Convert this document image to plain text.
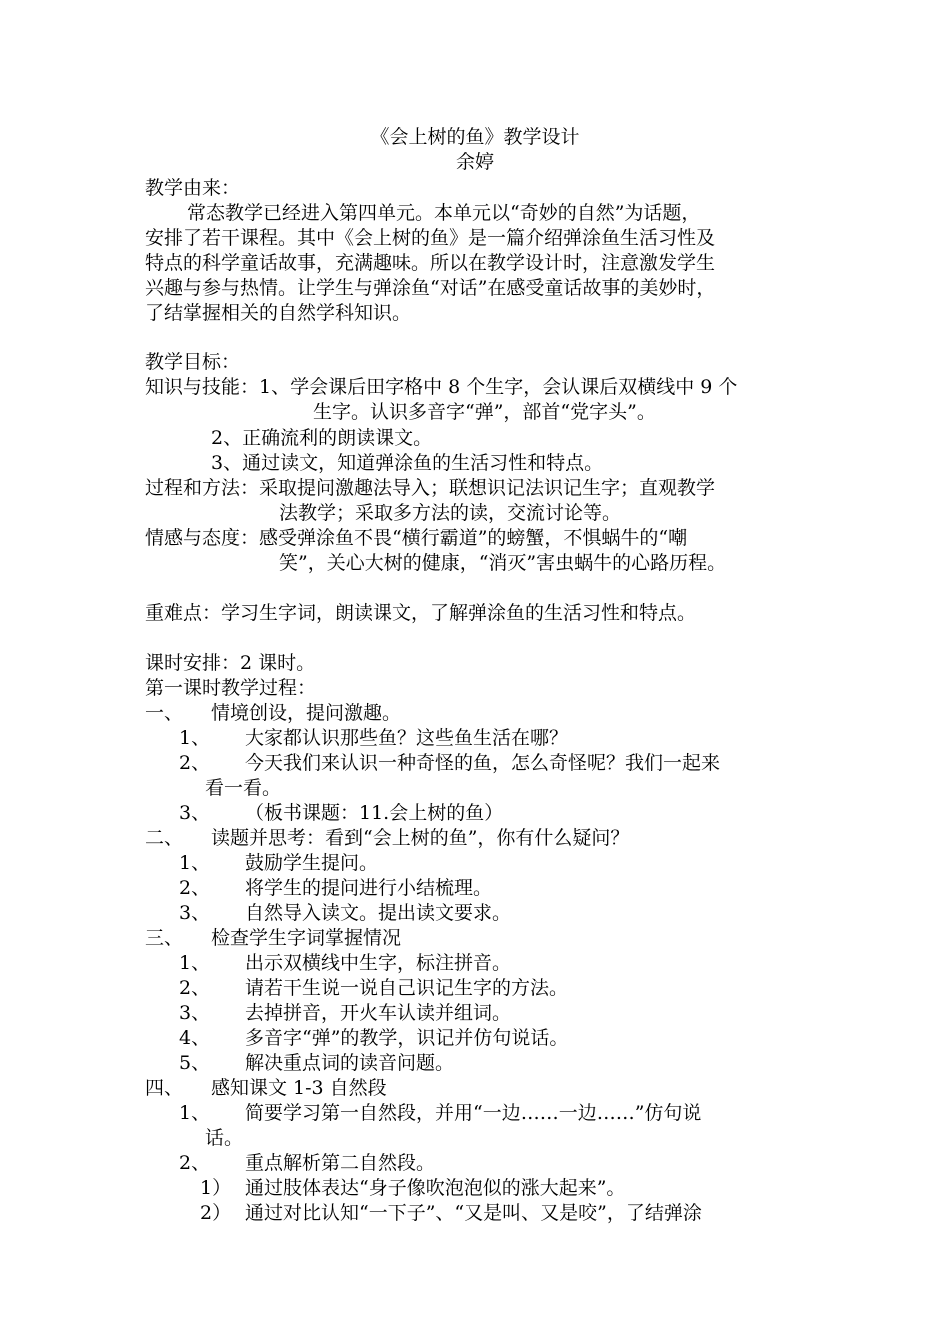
《会上树的鱼》教学设计
余婷
教学由来：
常态教学已经进入第四单元。本单元以“奇妙的自然”为话题，
安排了若干课程。其中《会上树的鱼》是一篇介绍弹涂鱼生活习性及
特点的科学童话故事，充满趣味。所以在教学设计时，注意激发学生
兴趣与参与热情。让学生与弹涂鱼“对话”在感受童话故事的美妙时，
了结掌握相关的自然学科知识。
教学目标：
知识与技能：1、学会课后田字格中 8 个生字，会认课后双横线中 9 个
生字。认识多音字“弹”，部首“党字头”。
2、正确流利的朗读课文。
3、通过读文，知道弹涂鱼的生活习性和特点。
过程和方法：采取提问激趣法导入；联想识记法识记生字；直观教学
法教学；采取多方法的读，交流讨论等。
情感与态度：感受弹涂鱼不畏“横行霸道”的螃蟹，不惧蜗牛的“嘲
笑”，关心大树的健康，“消灭”害虫蜗牛的心路历程。
重难点：学习生字词，朗读课文，了解弹涂鱼的生活习性和特点。
课时安排：2 课时。
第一课时教学过程：
一、 情境创设，提问激趣。
1、 大家都认识那些鱼？这些鱼生活在哪？
2、 今天我们来认识一种奇怪的鱼，怎么奇怪呢？我们一起来
看一看。
3、 （板书课题：11.会上树的鱼）
二、 读题并思考：看到“会上树的鱼”，你有什么疑问？
1、 鼓励学生提问。
2、 将学生的提问进行小结梳理。
3、 自然导入读文。提出读文要求。
三、 检查学生字词掌握情况
1、 出示双横线中生字，标注拼音。
2、 请若干生说一说自己识记生字的方法。
3、 去掉拼音，开火车认读并组词。
4、 多音字“弹”的教学，识记并仿句说话。
5、 解决重点词的读音问题。
四、 感知课文 1-3 自然段
1、 简要学习第一自然段，并用“一边……一边……”仿句说
话。
2、 重点解析第二自然段。
1） 通过肢体表达“身子像吹泡泡似的涨大起来”。
2） 通过对比认知“一下子”、“又是叫、又是咬”，了结弹涂
